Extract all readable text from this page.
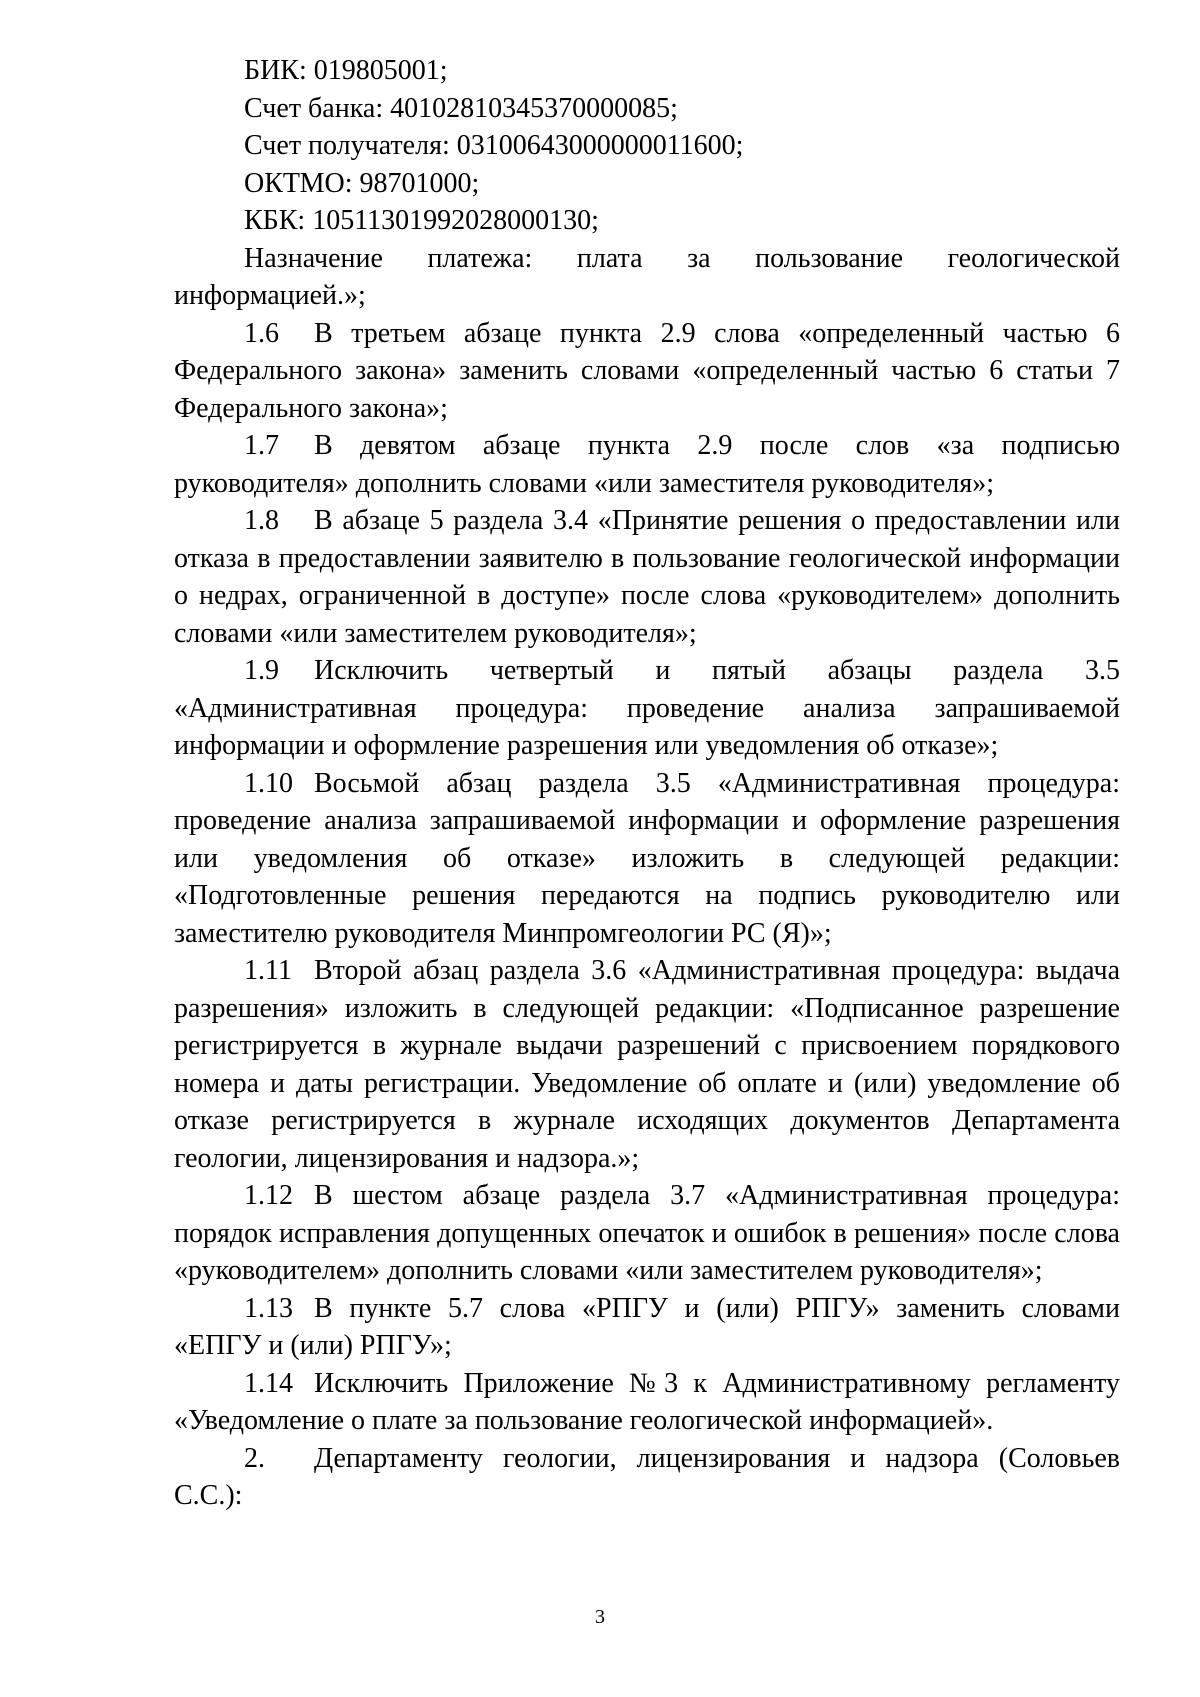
БИК: 019805001;

Счет банка: 40102810345370000085;

Счет получателя: 03100643000000011600;

ОКТМО: 98701000;

КБК: 10511301992028000130;

Назначение платежа: плата за пользование геологической информацией.»;

1.6 В третьем абзаце пункта 2.9 слова «определенный частью 6 Федерального закона» заменить словами «определенный частью 6 статьи 7 Федерального закона»;

1.7 В девятом абзаце пункта 2.9 после слов «за подписью руководителя» дополнить словами «или заместителя руководителя»;

1.8 В абзаце 5 раздела 3.4 «Принятие решения о предоставлении или отказа в предоставлении заявителю в пользование геологической информации о недрах, ограниченной в доступе» после слова «руководителем» дополнить словами «или заместителем руководителя»;

1.9 Исключить четвертый и пятый абзацы раздела 3.5 «Административная процедура: проведение анализа запрашиваемой информации и оформление разрешения или уведомления об отказе»;

1.10 Восьмой абзац раздела 3.5 «Административная процедура: проведение анализа запрашиваемой информации и оформление разрешения или уведомления об отказе» изложить в следующей редакции: «Подготовленные решения передаются на подпись руководителю или заместителю руководителя Минпромгеологии РС (Я)»;

1.11 Второй абзац раздела 3.6 «Административная процедура: выдача разрешения» изложить в следующей редакции: «Подписанное разрешение регистрируется в журнале выдачи разрешений с присвоением порядкового номера и даты регистрации. Уведомление об оплате и (или) уведомление об отказе регистрируется в журнале исходящих документов Департамента геологии, лицензирования и надзора.»;

1.12 В шестом абзаце раздела 3.7 «Административная процедура: порядок исправления допущенных опечаток и ошибок в решения» после слова «руководителем» дополнить словами «или заместителем руководителя»;

1.13 В пункте 5.7 слова «РПГУ и (или) РПГУ» заменить словами «ЕПГУ и (или) РПГУ»;

1.14 Исключить Приложение №3 к Административному регламенту «Уведомление о плате за пользование геологической информацией».

2. Департаменту геологии, лицензирования и надзора (Соловьев С.С.):

3
